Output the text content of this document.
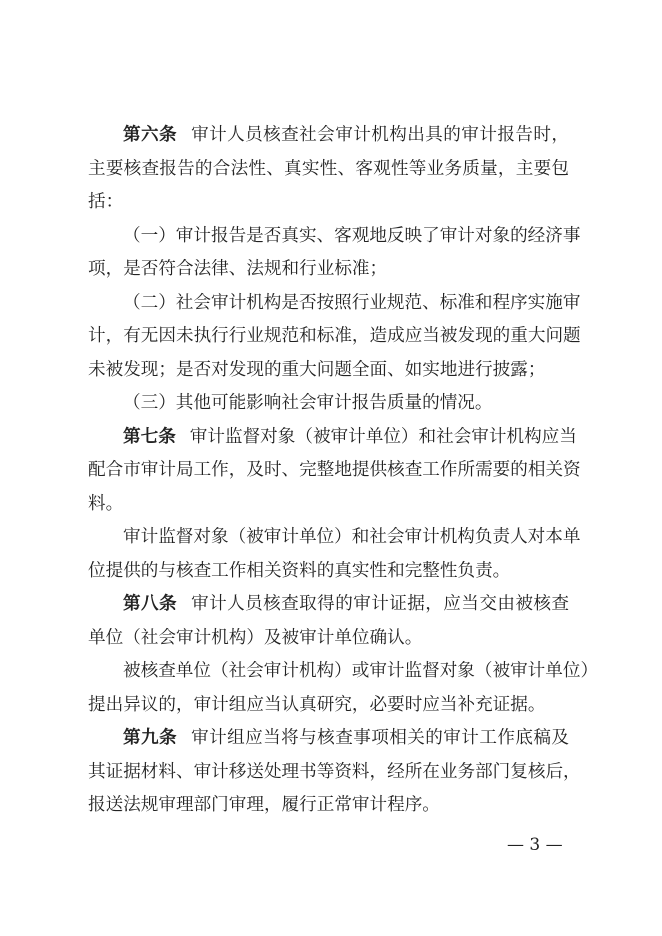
第六条 审计人员核查社会审计机构出具的审计报告时，
主要核查报告的合法性、真实性、客观性等业务质量，主要包
括：
（一）审计报告是否真实、客观地反映了审计对象的经济事
项，是否符合法律、法规和行业标准；
（二）社会审计机构是否按照行业规范、标准和程序实施审
计，有无因未执行行业规范和标准，造成应当被发现的重大问题
未被发现；是否对发现的重大问题全面、如实地进行披露；
（三）其他可能影响社会审计报告质量的情况。
第七条 审计监督对象（被审计单位）和社会审计机构应当
配合市审计局工作，及时、完整地提供核查工作所需要的相关资
料。
审计监督对象（被审计单位）和社会审计机构负责人对本单
位提供的与核查工作相关资料的真实性和完整性负责。
第八条 审计人员核查取得的审计证据，应当交由被核查
单位（社会审计机构）及被审计单位确认。
被核查单位（社会审计机构）或审计监督对象（被审计单位）
提出异议的，审计组应当认真研究，必要时应当补充证据。
第九条 审计组应当将与核查事项相关的审计工作底稿及
其证据材料、审计移送处理书等资料，经所在业务部门复核后，
报送法规审理部门审理，履行正常审计程序。
— 3 —
